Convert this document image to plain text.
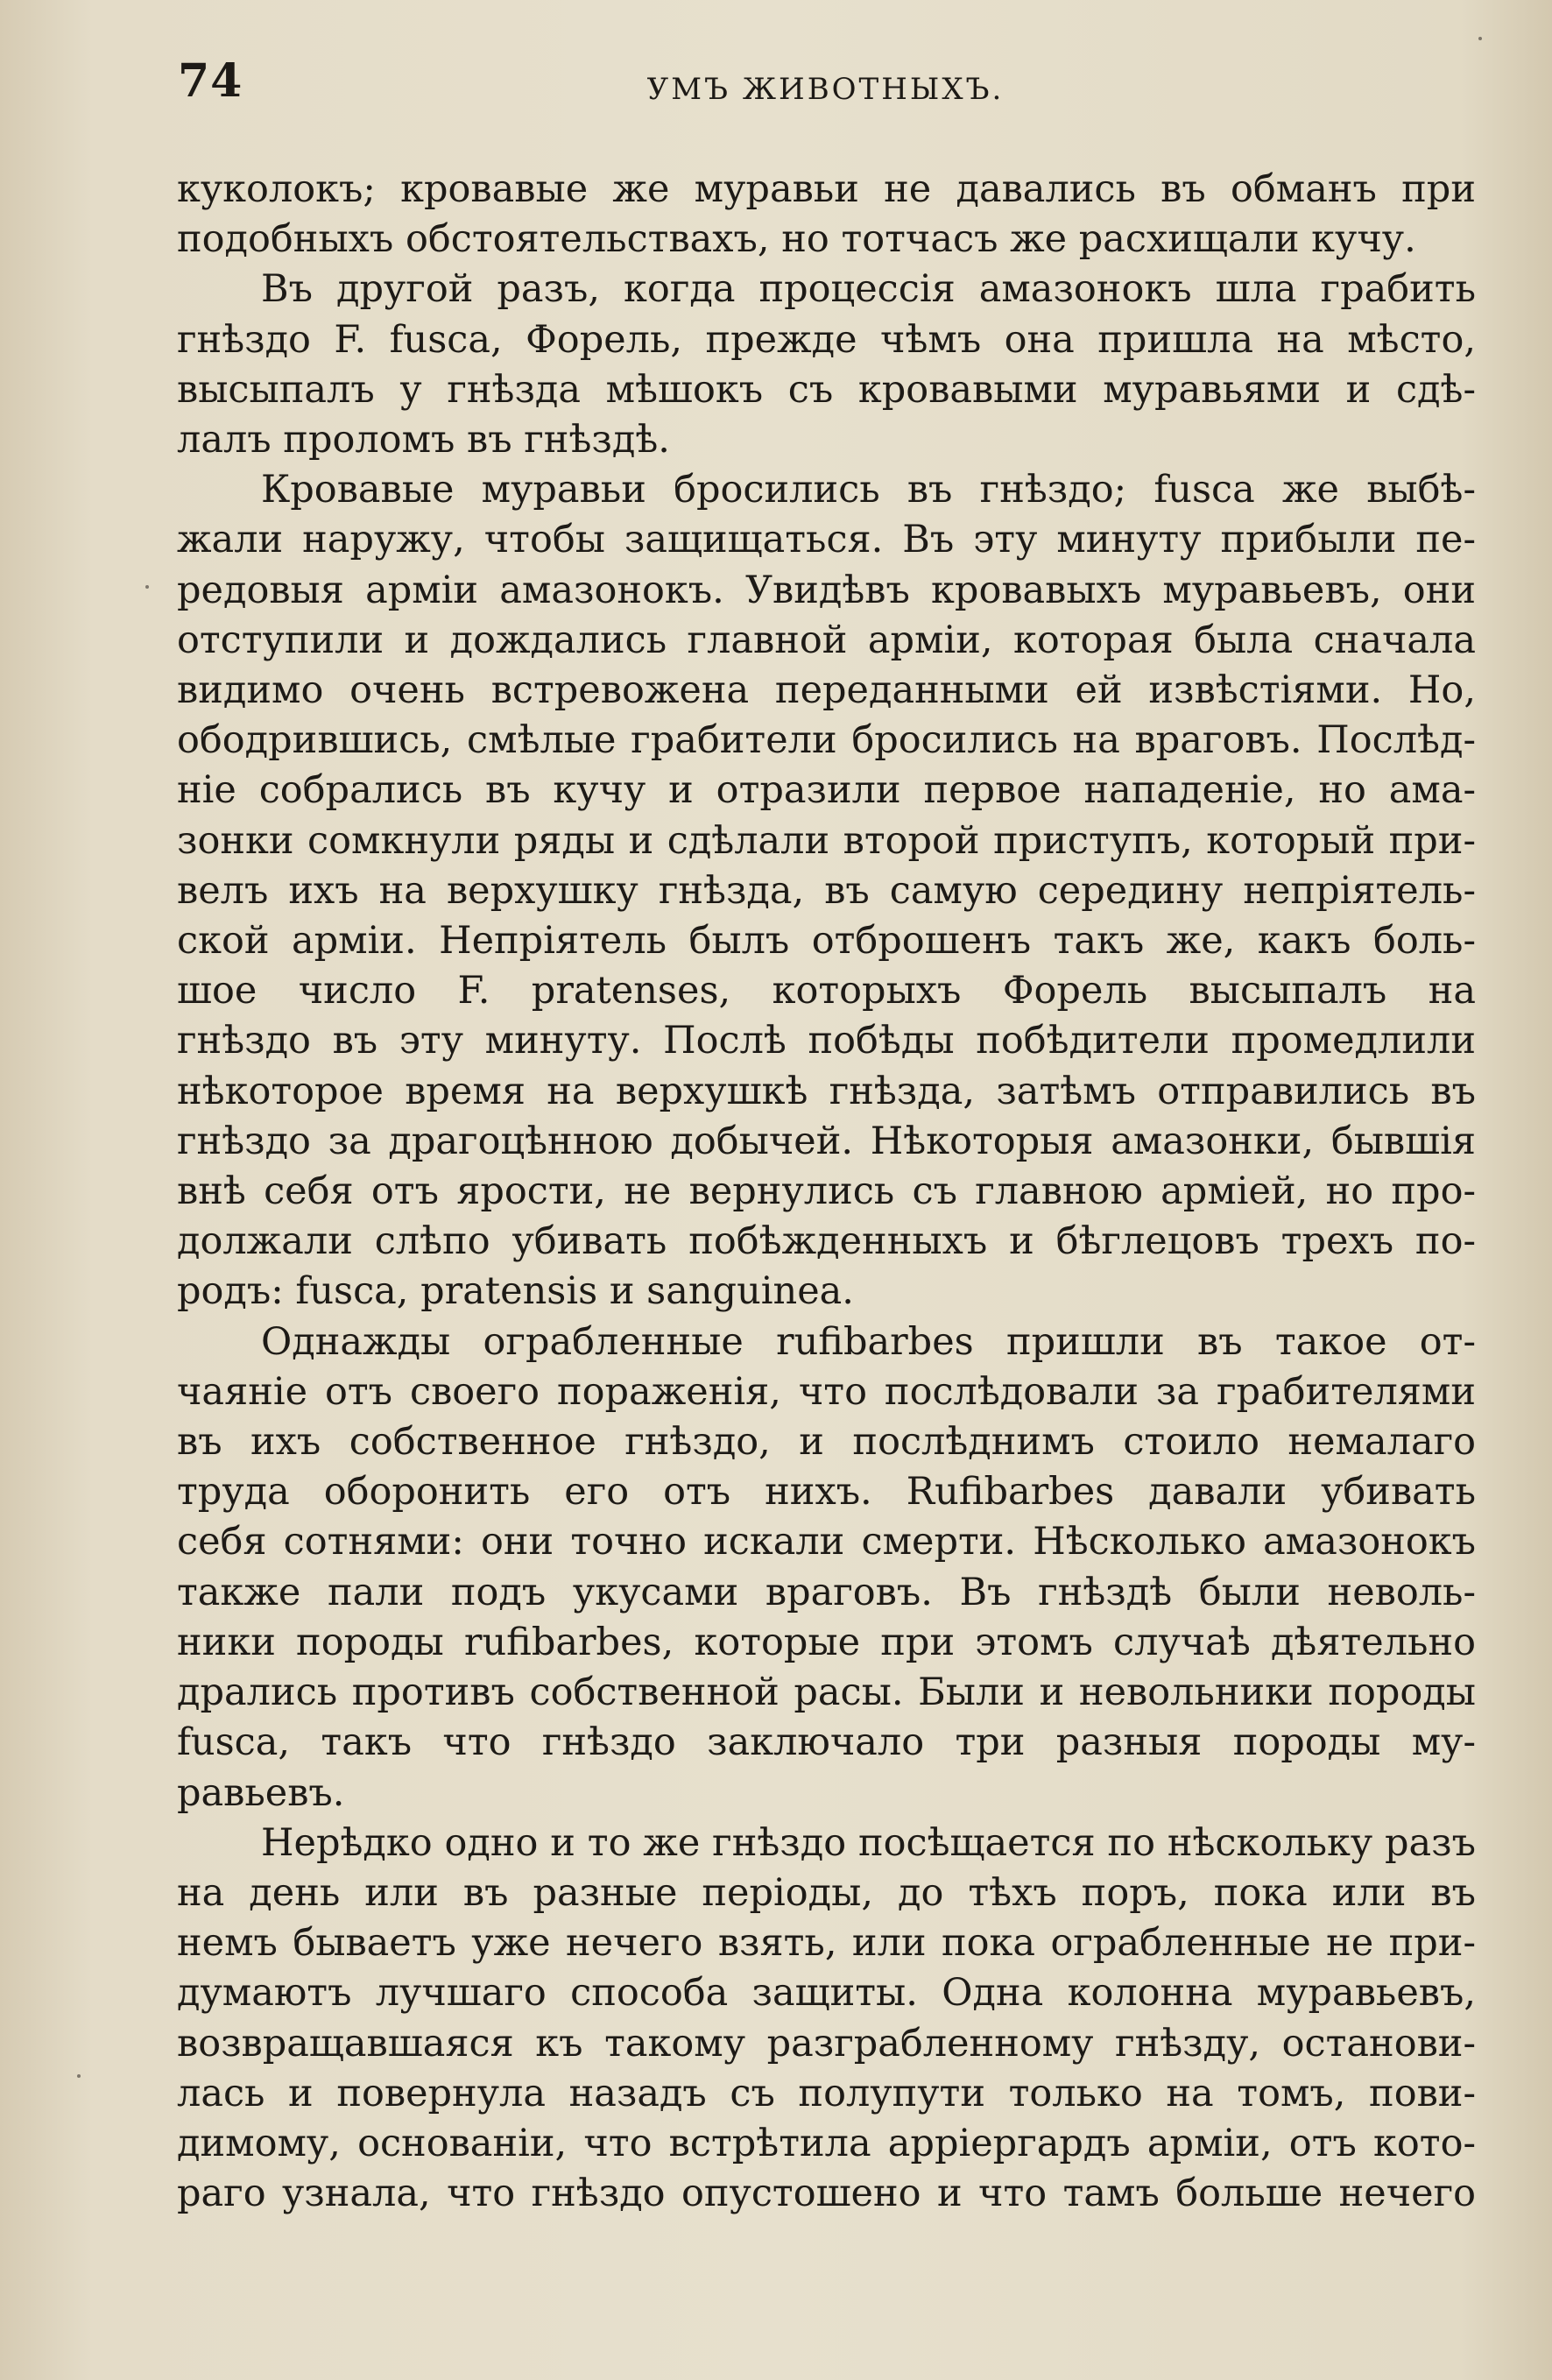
74	УМЪ ЖИВОТНЫХЪ.

куколокъ; кровавые же муравьи не давались въ обманъ при

подобныхъ обстоятельствахъ, но тотчасъ же расхищали кучу.

Въ другой разъ, когда процессія амазонокъ шла грабить

гнѣздо F. fusca, Форель, прежде чѣмъ она пришла на мѣсто,

высыпалъ у гнѣзда мѣшокъ съ кровавыми муравьями и сдѣ-

лалъ проломъ въ гнѣздѣ.

Кровавые муравьи бросились въ гнѣздо; fusca же выбѣ-

жали наружу, чтобы защищаться. Въ эту минуту прибыли пе-

редовыя арміи амазонокъ. Увидѣвъ кровавыхъ муравьевъ, они

отступили и дождались главной арміи, которая была сначала

видимо очень встревожена переданными ей извѣстіями. Но,

ободрившись, смѣлые грабители бросились на враговъ. Послѣд-

ніе собрались въ кучу и отразили первое нападеніе, но ама-

зонки сомкнули ряды и сдѣлали второй приступъ, который при-

велъ ихъ на верхушку гнѣзда, въ самую середину непріятель-

ской арміи. Непріятель былъ отброшенъ такъ же, какъ боль-

шое число F. pratenses, которыхъ Форель высыпалъ на

гнѣздо въ эту минуту. Послѣ побѣды побѣдители промедлили

нѣкоторое время на верхушкѣ гнѣзда, затѣмъ отправились въ

гнѣздо за драгоцѣнною добычей. Нѣкоторыя амазонки, бывшія

внѣ себя отъ ярости, не вернулись съ главною арміей, но про-

должали слѣпо убивать побѣжденныхъ и бѣглецовъ трехъ по-

родъ: fusca, pratensis и sanguinea.

Однажды ограбленные rufibarbes пришли въ такое от-

чаяніе отъ своего пораженія, что послѣдовали за грабителями

въ ихъ собственное гнѣздо, и послѣднимъ стоило немалаго

труда оборонить его отъ нихъ. Rufibarbes давали убивать

себя сотнями: они точно искали смерти. Нѣсколько амазонокъ

также пали подъ укусами враговъ. Въ гнѣздѣ были неволь-

ники породы rufibarbes, которые при этомъ случаѣ дѣятельно

дрались противъ собственной расы. Были и невольники породы

fusca, такъ что гнѣздо заключало три разныя породы му-

равьевъ.

Нерѣдко одно и то же гнѣздо посѣщается по нѣскольку разъ

на день или въ разные періоды, до тѣхъ поръ, пока или въ

немъ бываетъ уже нечего взять, или пока ограбленные не при-

думаютъ лучшаго способа защиты. Одна колонна муравьевъ,

возвращавшаяся къ такому разграбленному гнѣзду, останови-

лась и повернула назадъ съ полупути только на томъ, пови-

димому, основаніи, что встрѣтила арріергардъ арміи, отъ кото-

раго узнала, что гнѣздо опустошено и что тамъ больше нечего
